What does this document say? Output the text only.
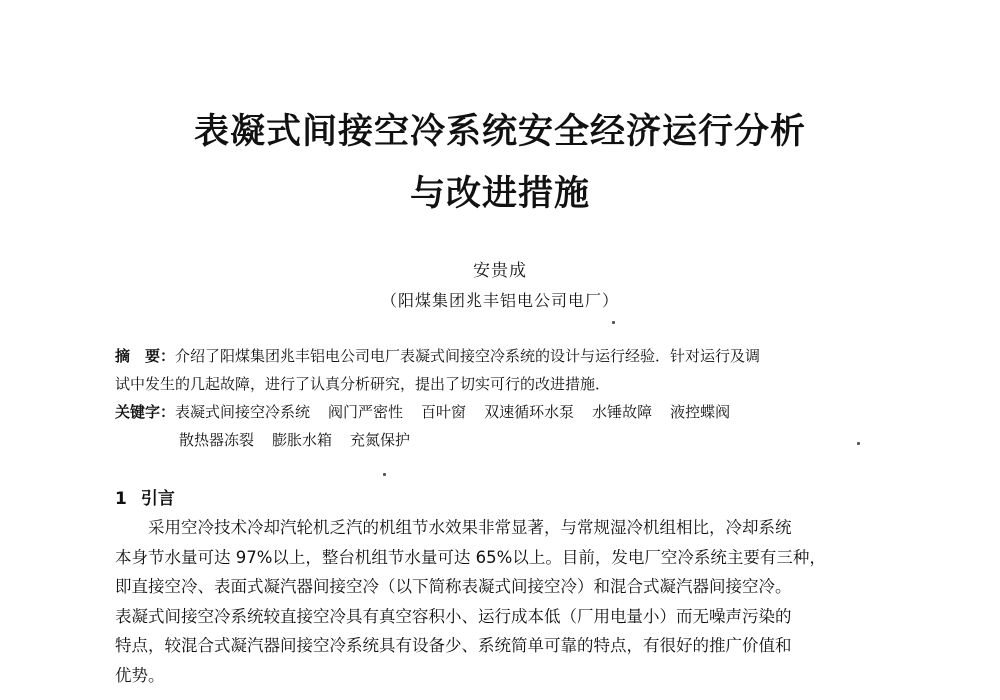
表凝式间接空冷系统安全经济运行分析
与改进措施
安贵成
（阳煤集团兆丰铝电公司电厂）
摘　要：介绍了阳煤集团兆丰铝电公司电厂表凝式间接空冷系统的设计与运行经验．针对运行及调
试中发生的几起故障，进行了认真分析研究，提出了切实可行的改进措施．
关键字：表凝式间接空冷系统 阀门严密性 百叶窗 双速循环水泵 水锤故障 液控蝶阀
散热器冻裂 膨胀水箱 充氮保护
1 引言

采用空冷技术冷却汽轮机乏汽的机组节水效果非常显著，与常规湿冷机组相比，冷却系统
本身节水量可达 97%以上，整台机组节水量可达 65%以上。目前，发电厂空冷系统主要有三种，
即直接空冷、表面式凝汽器间接空冷（以下简称表凝式间接空冷）和混合式凝汽器间接空冷。
表凝式间接空冷系统较直接空冷具有真空容积小、运行成本低（厂用电量小）而无噪声污染的
特点，较混合式凝汽器间接空冷系统具有设备少、系统简单可靠的特点，有很好的推广价值和
优势。
